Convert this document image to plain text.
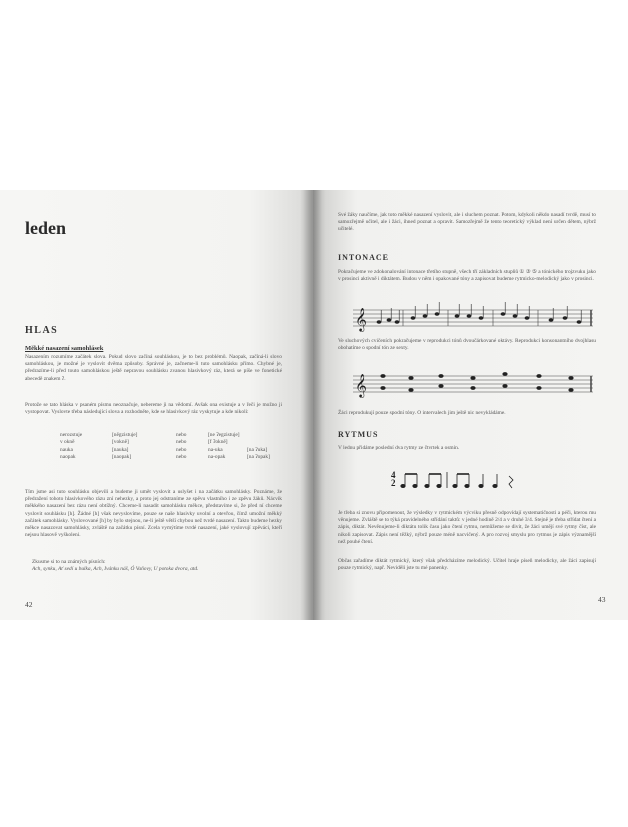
leden
HLAS
Měkké nasazení samohlásek
Nasazením rozumíme začátek slova. Pokud slovo začíná souhláskou, je to bez problémů. Naopak, začíná-li slovo samohláskou, je možné je vyslovit dvěma způsoby. Správné je, začneme-li tuto samohlásku přímo. Chybné je, předrazíme-li před touto samohláskou ještě nepravou souhlásku zvanou hlasivkový ráz, která se píše ve fonetické abecedě znakem ʔ.
Protože se tato hláska v psaném písmu neoznačuje, nebereme ji na vědomí. Avšak ona existuje a v řeči je možno ji vystopovat. Vyslovte třeba následující slova a rozhodněte, kde se hlasivkový ráz vyskytuje a kde nikoli:
nerozstuje	[něgzistuje]	nebo	[ne ʔegzistuje]
v okně	[vokně]	nebo	[f ʔokně]
nauka	[nauka]	nebo	na-uka	[na ʔuka]
naopak	[naopak]	nebo	na-opak	[na ʔopak]
Tím jsme asi tuto souhlásku objevili a budeme ji umět vyslovit a uslyšet i na začátku samohlásky. Poznáme, že předražení tohoto hlasivkového rázu zní nehezky, a proto jej odstraníme ze spěvu vlastního i ze zpěvu žáků. Nácvik měkkého nasazení bez rázu není obtížný. Chceme-li nasadit samohlásku měkce, představíme si, že před ní chceme vyslovit souhlásku [h]. Žádné [h] však nevyslovíme, pouze se naše hlasivky uvolní a otevřou, čímž umožní měkký začátek samohlásky. Vyslovované [h] by bylo stejnou, ne-li ještě větší chybou než tvrdé nasazení. Takto budeme hezky měkce nasazovat samohlásky, zvláště na začátku písní. Zcela vymýtíme tvrdé nasazení, jaké vyslovují zpěváci, kteří nejsou hlasově vyškoleni.
Zkusme si to na známých písních:
Ach, synku, Ať sedí u bulka, Ach, Ivánku náš, Ó Vaňovy, U potoka dvora, atd.
42
Své žáky naučíme, jak toto měkké nasazení vyslovit, ale i sluchem poznat. Potom, kdykoli někdo nasadí tvrdě, musí to samozřejmě učitel, ale i žáci, ihned poznat a opravit. Samozřejmě že tento teoretický výklad není určen dětem, nýbrž učitelé.
INTONACE
Pokračujeme ve zdokonalování intonace třetího stupně, všech tří základních stupňů ① ③ ⑤ a tónického trojzvuku jako v prosinci aktivně i diktátem. Budou v něm i opakované tóny a zapisovat budeme rytmicko-melodický jako v prosinci.
𝄞
Ve sluchových cvičeních pokračujeme v reprodukci tónů dvoučárkované oktávy. Reprodukci konsonantního dvojhlasu obohatíme o spodní tón ze sexty.
𝄞
Žáci reprodukují pouze spodní tóny. O intervalech jim ještě nic nevykládáme.
RYTMUS
V lednu přidáme poslední dva rytmy ze čtvrtek a osmin.
2
4
Je třeba si znovu připomenout, že výsledky v rytmickém výcviku přesně odpovídají systematičnosti a péči, kterou mu věnujeme. Zvláště se to týká pravidelného střídání taktů: v jedné hodině 2/4 a v druhé 3/4. Stejně je třeba střídat čtení a zápis, diktát. Nevěnujeme-li diktátu tolik času jako čtení rytmu, nemůžeme se divit, že žáci umějí své rytmy číst, ale nikoli zapisovat. Zápis není těžký, nýbrž pouze méně nacvičený. A pro rozvoj smyslu pro rytmus je zápis významější než pouhé čtení.
Občas zařadíme diktát rytmický, který však předcházíme melodický. Učitel hraje píseň melodicky, ale žáci zapisují pouze rytmický, např. Neviděli jste tu mé panenky.
43
